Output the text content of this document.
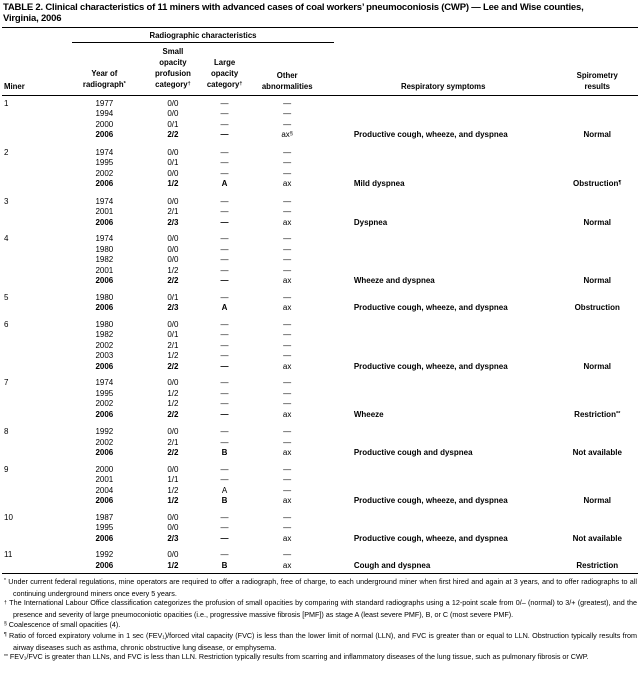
TABLE 2. Clinical characteristics of 11 miners with advanced cases of coal workers’ pneumoconiosis (CWP) — Lee and Wise counties,
Virginia, 2006
Radiographic characteristics
Miner
Year of
radiograph*
Small
opacity profusion
category†
Large
opacity
category†
Other
abnormalities	Respiratory symptoms
Spirometry
results
1	1977	0/0	—	—
1994	0/0	—	—
2000	0/1	—	—
2006	2/2	—	ax§	Productive cough, wheeze, and dyspnea	Normal
2	1974	0/0	—	—
1995	0/1	—	—
2002	0/0	—	—
2006	1/2	A	ax	Mild dyspnea	Obstruction¶
3	1974	0/0	—	—
2001	2/1	—	—
2006	2/3	—	ax	Dyspnea	Normal
4	1974	0/0	—	—
1980	0/0	—	—
1982	0/0	—	—
2001	1/2	—	—
2006	2/2	—	ax	Wheeze and dyspnea	Normal
5	1980	0/1	—	—
2006	2/3	A	ax	Productive cough, wheeze, and dyspnea	Obstruction
6	1980	0/0	—	—
1982	0/1	—	—
2002	2/1	—	—
2003	1/2	—	—
2006	2/2	—	ax	Productive cough, wheeze, and dyspnea	Normal
7	1974	0/0	—	—
1995	1/2	—	—
2002	1/2	—	—
2006	2/2	—	ax	Wheeze	Restriction**
8	1992	0/0	—	—
2002	2/1	—	—
2006	2/2	B	ax	Productive cough and dyspnea	Not available
9	2000	0/0	—	—
2001	1/1	—	—
2004	1/2	A	—
2006	1/2	B	ax	Productive cough, wheeze, and dyspnea	Normal
10	1987	0/0	—	—
1995	0/0	—	—
2006	2/3	—	ax	Productive cough, wheeze, and dyspnea	Not available
11	1992	0/0	—	—
2006	1/2	B	ax	Cough and dyspnea	Restriction
* Under current federal regulations, mine operators are required to offer a radiograph, free of charge, to each underground miner when first hired and again at 3 years, and to offer radiographs to all continuing underground miners once every 5 years.
† The International Labour Office classification categorizes the profusion of small opacities by comparing with standard radiographs using a 12-point scale from 0/– (normal) to 3/+ (greatest), and the presence and severity of large pneumoconiotic opacities (i.e., progressive massive fibrosis [PMF]) as stage A (least severe PMF), B, or C (most severe PMF).
§ Coalescence of small opacities (4).
¶ Ratio of forced expiratory volume in 1 sec (FEV₁)/forced vital capacity (FVC) is less than the lower limit of normal (LLN), and FVC is greater than or equal to LLN. Obstruction typically results from airway diseases such as asthma, chronic obstructive lung disease, or emphysema.
** FEV₁/FVC is greater than LLNs, and FVC is less than LLN. Restriction typically results from scarring and inflammatory diseases of the lung tissue, such as pulmonary fibrosis or CWP.
